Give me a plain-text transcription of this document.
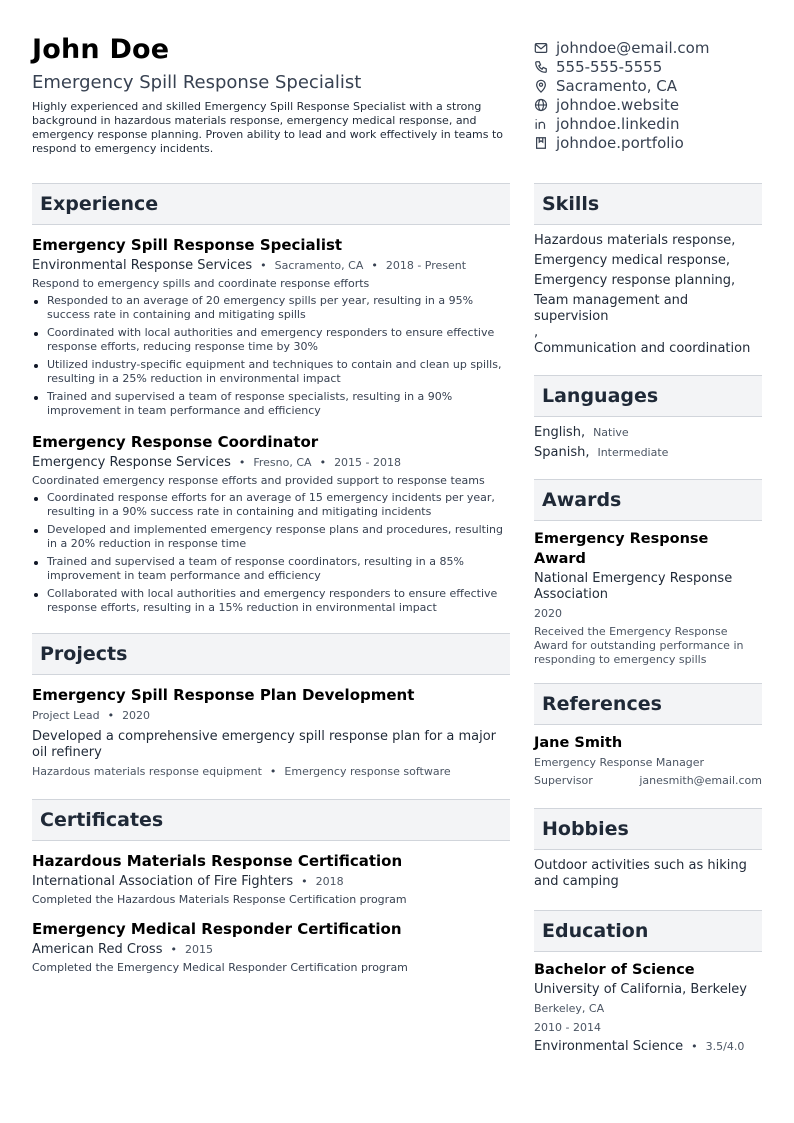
John Doe
Emergency Spill Response Specialist
Highly experienced and skilled Emergency Spill Response Specialist with a strong background in hazardous materials response, emergency medical response, and emergency response planning. Proven ability to lead and work effectively in teams to respond to emergency incidents.
johndoe@email.com
555-555-5555
Sacramento, CA
johndoe.website
johndoe.linkedin
johndoe.portfolio
Experience
Emergency Spill Response Specialist
Environmental Response Services • Sacramento, CA • 2018 - Present
Respond to emergency spills and coordinate response efforts
Responded to an average of 20 emergency spills per year, resulting in a 95% success rate in containing and mitigating spills
Coordinated with local authorities and emergency responders to ensure effective response efforts, reducing response time by 30%
Utilized industry-specific equipment and techniques to contain and clean up spills, resulting in a 25% reduction in environmental impact
Trained and supervised a team of response specialists, resulting in a 90% improvement in team performance and efficiency
Emergency Response Coordinator
Emergency Response Services • Fresno, CA • 2015 - 2018
Coordinated emergency response efforts and provided support to response teams
Coordinated response efforts for an average of 15 emergency incidents per year, resulting in a 90% success rate in containing and mitigating incidents
Developed and implemented emergency response plans and procedures, resulting in a 20% reduction in response time
Trained and supervised a team of response coordinators, resulting in a 85% improvement in team performance and efficiency
Collaborated with local authorities and emergency responders to ensure effective response efforts, resulting in a 15% reduction in environmental impact
Projects
Emergency Spill Response Plan Development
Project Lead • 2020
Developed a comprehensive emergency spill response plan for a major oil refinery
Hazardous materials response equipment • Emergency response software
Certificates
Hazardous Materials Response Certification
International Association of Fire Fighters • 2018
Completed the Hazardous Materials Response Certification program
Emergency Medical Responder Certification
American Red Cross • 2015
Completed the Emergency Medical Responder Certification program
Skills
Hazardous materials response,
Emergency medical response,
Emergency response planning,
Team management and supervision
,
Communication and coordination
Languages
English, Native
Spanish, Intermediate
Awards
Emergency Response Award
National Emergency Response Association
2020
Received the Emergency Response Award for outstanding performance in responding to emergency spills
References
Jane Smith
Emergency Response Manager
Supervisor	janesmith@email.com
Hobbies
Outdoor activities such as hiking and camping
Education
Bachelor of Science
University of California, Berkeley
Berkeley, CA
2010 - 2014
Environmental Science • 3.5/4.0
